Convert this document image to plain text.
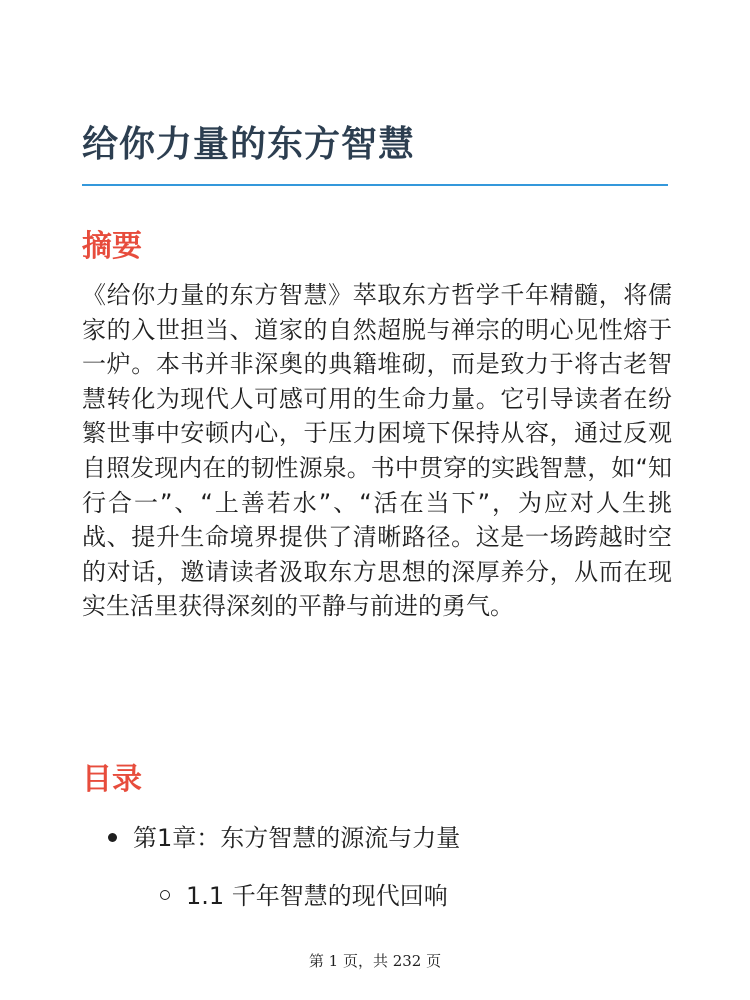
给你力量的东方智慧
摘要

《给你力量的东方智慧》萃取东方哲学千年精髓，将儒家的入世担当、道家的自然超脱与禅宗的明心见性熔于一炉。本书并非深奥的典籍堆砌，而是致力于将古老智慧转化为现代人可感可用的生命力量。它引导读者在纷繁世事中安顿内心，于压力困境下保持从容，通过反观自照发现内在的韧性源泉。书中贯穿的实践智慧，如“知行合一”、“上善若水”、“活在当下”，为应对人生挑战、提升生命境界提供了清晰路径。这是一场跨越时空的对话，邀请读者汲取东方思想的深厚养分，从而在现实生活里获得深刻的平静与前进的勇气。

目录
第1章：东方智慧的源流与力量
1.1 千年智慧的现代回响
第 1 页，共 232 页
